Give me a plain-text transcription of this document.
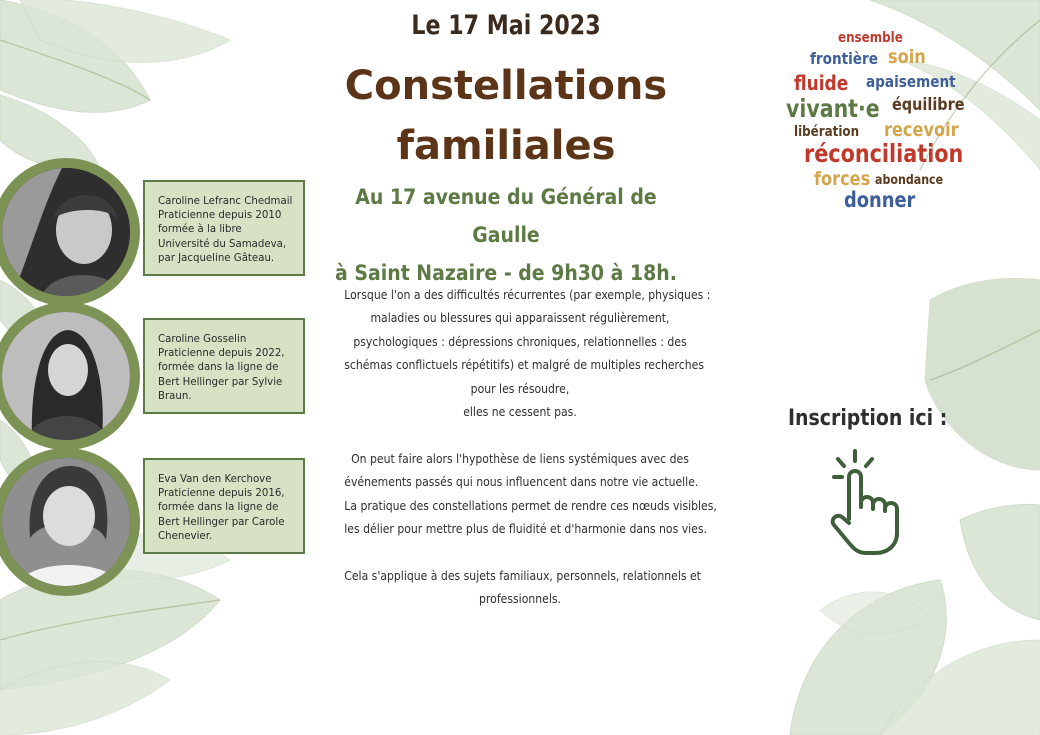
Le 17 Mai 2023
Constellations
familiales
Au 17 avenue du Général de Gaulle
à Saint Nazaire - de 9h30 à 18h.

Lorsque l'on a des difficultés récurrentes (par exemple, physiques :

maladies ou blessures qui apparaissent régulièrement,

psychologiques : dépressions chroniques, relationnelles : des

schémas conflictuels répétitifs) et malgré de multiples recherches

pour les résoudre,

elles ne cessent pas.

On peut faire alors l'hypothèse de liens systémiques avec des

événements passés qui nous influencent dans notre vie actuelle.

La pratique des constellations permet de rendre ces nœuds visibles,

les délier pour mettre plus de fluidité et d'harmonie dans nos vies.

Cela s'applique à des sujets familiaux, personnels, relationnels et

professionnels.

Caroline Lefranc Chedmail

Praticienne depuis 2010

formée à la libre

Université du Samadeva,

par Jacqueline Gâteau.

Caroline Gosselin

Praticienne depuis 2022,

formée dans la ligne de

Bert Hellinger par Sylvie

Braun.

Eva Van den Kerchove

Praticienne depuis 2016,

formée dans la ligne de

Bert Hellinger par Carole

Chenevier.

ensemble
frontière soin
fluide apaisement
vivant·e équilibre
libération recevoir
réconciliation
forces abondance
donner
Inscription ici :
